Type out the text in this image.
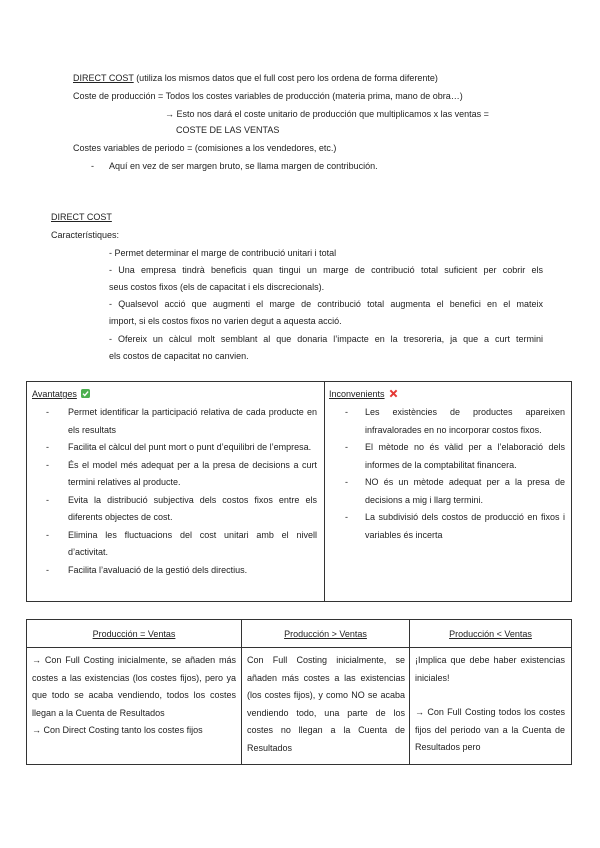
DIRECT COST (utiliza los mismos datos que el full cost pero los ordena de forma diferente)
Coste de producción = Todos los costes variables de producción (materia prima, mano de obra…)
→ Esto nos dará el coste unitario de producción que multiplicamos x las ventas =
COSTE DE LAS VENTAS
Costes variables de periodo = (comisiones a los vendedores, etc.)
- Aquí en vez de ser margen bruto, se llama margen de contribución.
DIRECT COST
Característiques:
- Permet determinar el marge de contribució unitari i total
- Una empresa tindrà beneficis quan tingui un marge de contribució total suficient per cobrir els
seus costos fixos (els de capacitat i els discrecionals).
- Qualsevol acció que augmenti el marge de contribució total augmenta el benefici en el mateix
import, si els costos fixos no varien degut a aquesta acció.
- Ofereix un càlcul molt semblant al que donaria l’impacte en la tresoreria, ja que a curt termini
els costos de capacitat no canvien.
Avantatges
- Permet identificar la participació relativa de cada producte en els resultats
- Facilita el càlcul del punt mort o punt d’equilibri de l’empresa.
- És el model més adequat per a la presa de decisions a curt termini relatives al producte.
- Evita la distribució subjectiva dels costos fixos entre els diferents objectes de cost.
- Elimina les fluctuacions del cost unitari amb el nivell d’activitat.
- Facilita l’avaluació de la gestió dels directius.
Inconvenients
- Les existències de productes apareixen infravalorades en no incorporar costos fixos.
- El mètode no és vàlid per a l’elaboració dels informes de la comptabilitat financera.
- NO és un mètode adequat per a la presa de decisions a mig i llarg termini.
- La subdivisió dels costos de producció en fixos i variables és incerta
Producción = Ventas	Producción > Ventas	Producción < Ventas
→ Con Full Costing inicialmente, se añaden más costes a las existencias (los costes fijos), pero ya que todo se acaba vendiendo, todos los costes llegan a la Cuenta de Resultados
→ Con Direct Costing tanto los costes fijos
Con Full Costing inicialmente, se añaden más costes a las existencias (los costes fijos), y como NO se acaba vendiendo todo, una parte de los costes no llegan a la Cuenta de Resultados
¡Implica que debe haber existencias iniciales!
→ Con Full Costing todos los costes fijos del periodo van a la Cuenta de Resultados pero
